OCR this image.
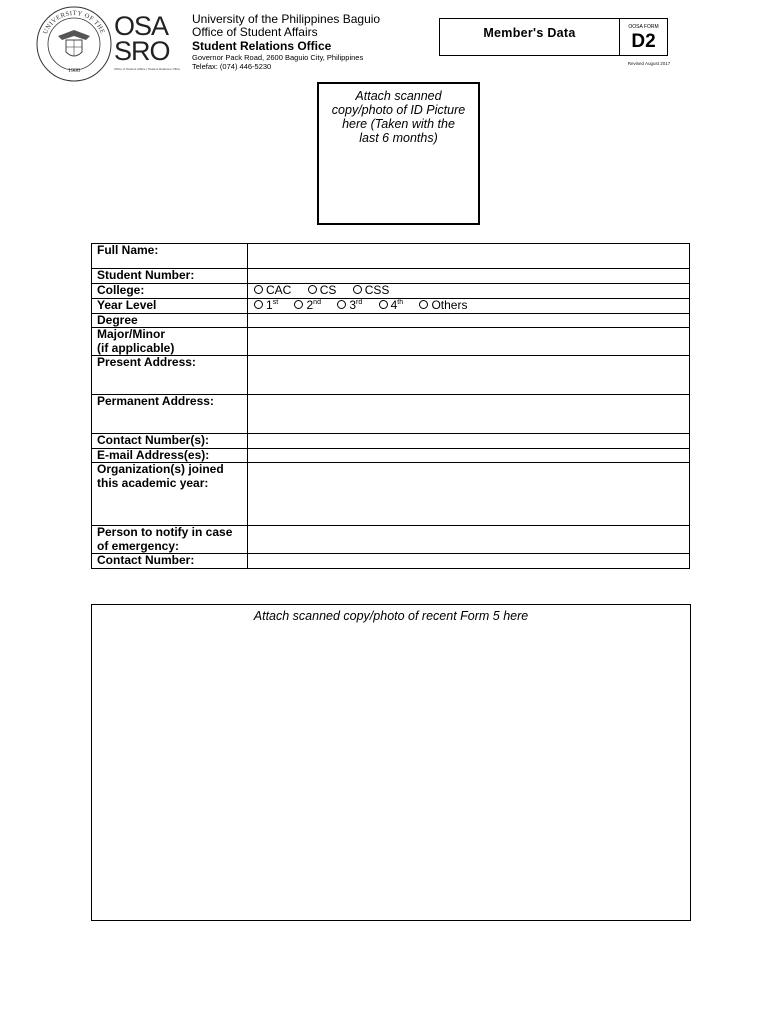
UNIVERSITY OF THE
1908
OSA
SRO
Office of Student Affairs | Student Relations Office
University of the Philippines Baguio
Office of Student Affairs
Student Relations Office
Governor Pack Road, 2600 Baguio City, Philippines
Telefax: (074) 446-5230
Member's Data	OOSA FORM
D2
Revised August 2017
Attach scanned copy/photo of ID Picture here (Taken with the last 6 months)
Full Name:	
Student Number:	
College:	CAC CS CSS
Year Level	1st 2nd 3rd 4th Others
Degree	
Major/Minor
(if applicable)	
Present Address:	
Permanent Address:	
Contact Number(s):	
E-mail Address(es):	
Organization(s) joined this academic year:	
Person to notify in case of emergency:	
Contact Number:	
Attach scanned copy/photo of recent Form 5 here
